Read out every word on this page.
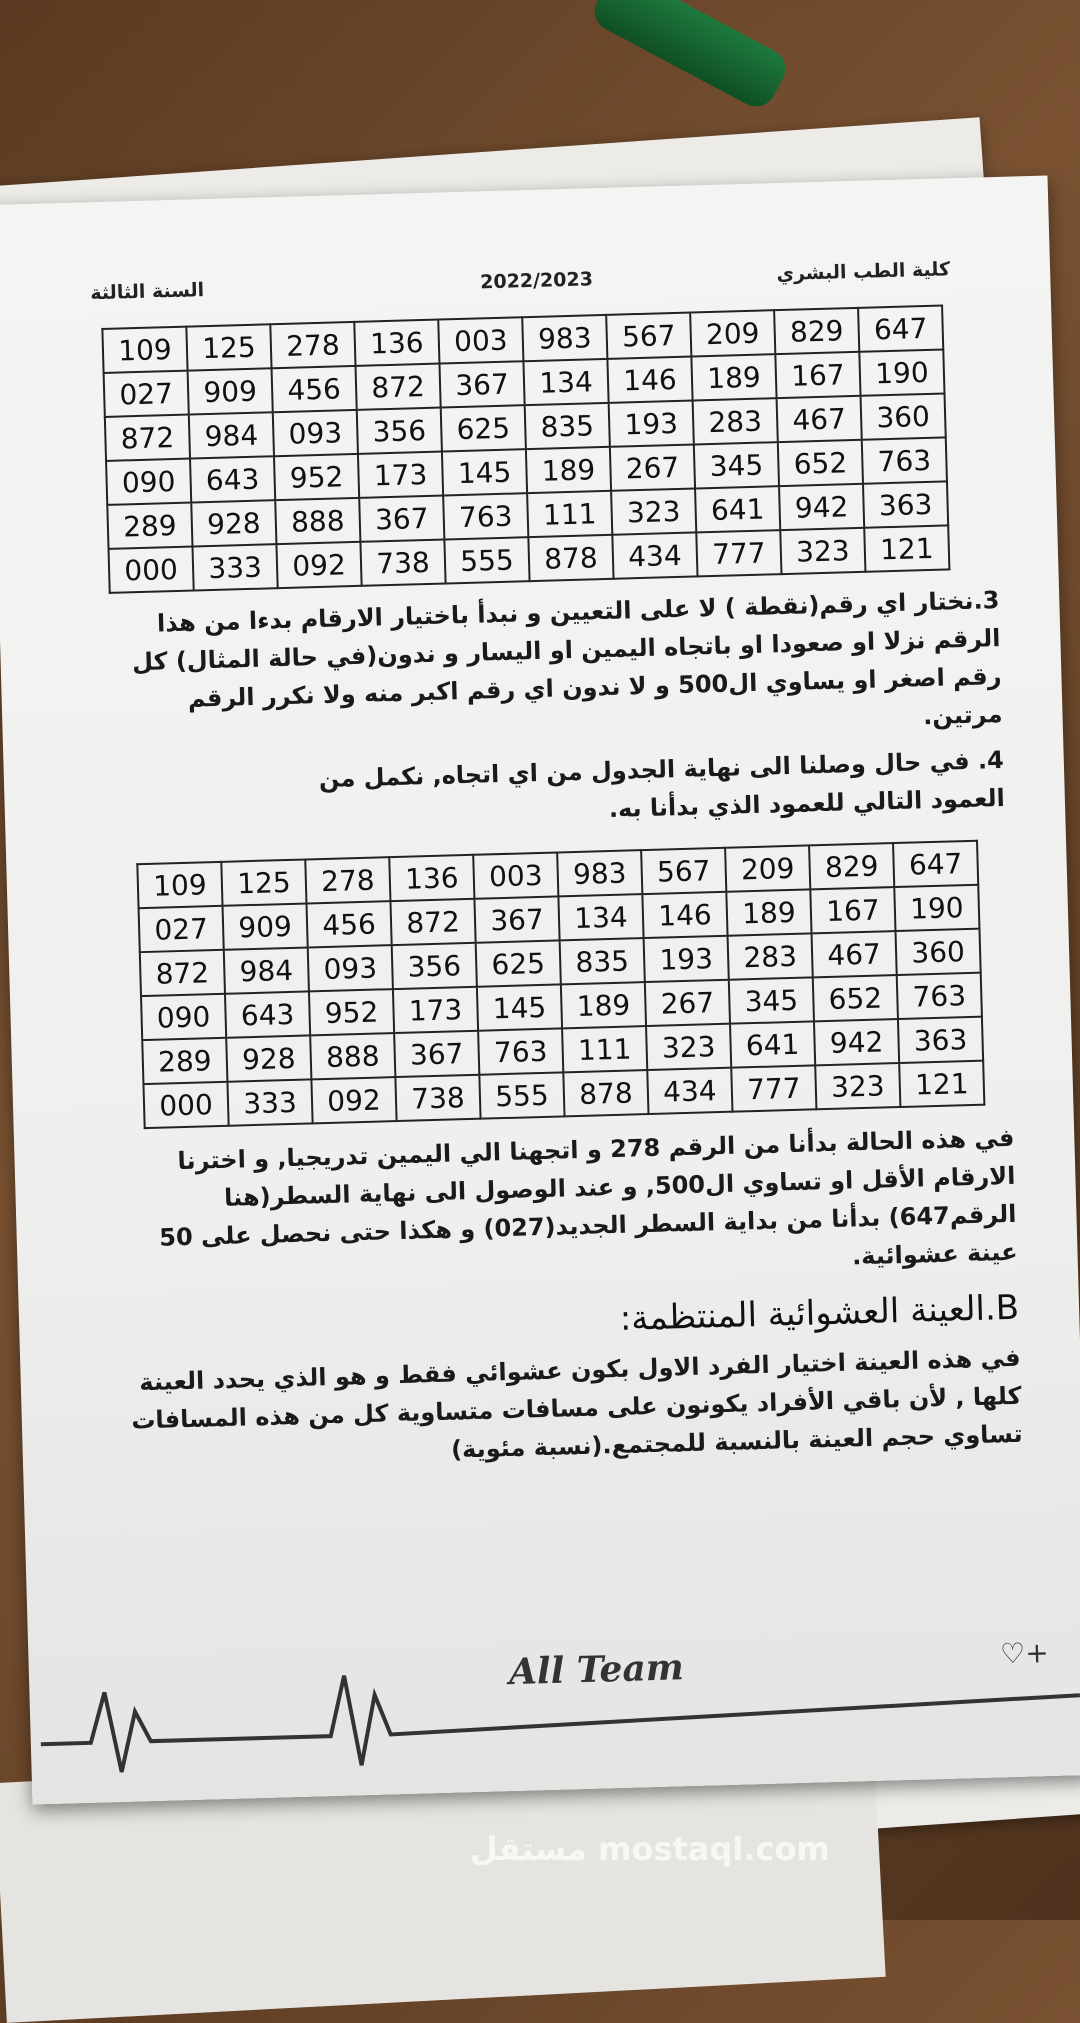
السنة الثالثة	2022/2023	كلية الطب البشري
109	125	278	136	003	983	567	209	829	647
027	909	456	872	367	134	146	189	167	190
872	984	093	356	625	835	193	283	467	360
090	643	952	173	145	189	267	345	652	763
289	928	888	367	763	111	323	641	942	363
000	333	092	738	555	878	434	777	323	121
3.نختار اي رقم(نقطة ) لا على التعيين و نبدأ باختيار الارقام بدءا من هذا الرقم نزلا او صعودا او باتجاه اليمين او اليسار و ندون(في حالة المثال) كل رقم اصغر او يساوي ال500 و لا ندون اي رقم اكبر منه ولا نكرر الرقم مرتين.
4. في حال وصلنا الى نهاية الجدول من اي اتجاه, نكمل من العمود التالي للعمود الذي بدأنا به.
109	125	278	136	003	983	567	209	829	647
027	909	456	872	367	134	146	189	167	190
872	984	093	356	625	835	193	283	467	360
090	643	952	173	145	189	267	345	652	763
289	928	888	367	763	111	323	641	942	363
000	333	092	738	555	878	434	777	323	121
في هذه الحالة بدأنا من الرقم 278 و اتجهنا الي اليمين تدريجيا, و اخترنا الارقام الأقل او تساوي ال500, و عند الوصول الى نهاية السطر(هنا الرقم647) بدأنا من بداية السطر الجديد(027) و هكذا حتى نحصل على 50 عينة عشوائية.
B.العينة العشوائية المنتظمة:
في هذه العينة اختيار الفرد الاول بكون عشوائي فقط و هو الذي يحدد العينة كلها , لأن باقي الأفراد يكونون على مسافات متساوية كل من هذه المسافات تساوي حجم العينة بالنسبة للمجتمع.(نسبة مئوية)
All Team	♡+
مستقل mostaql.com
